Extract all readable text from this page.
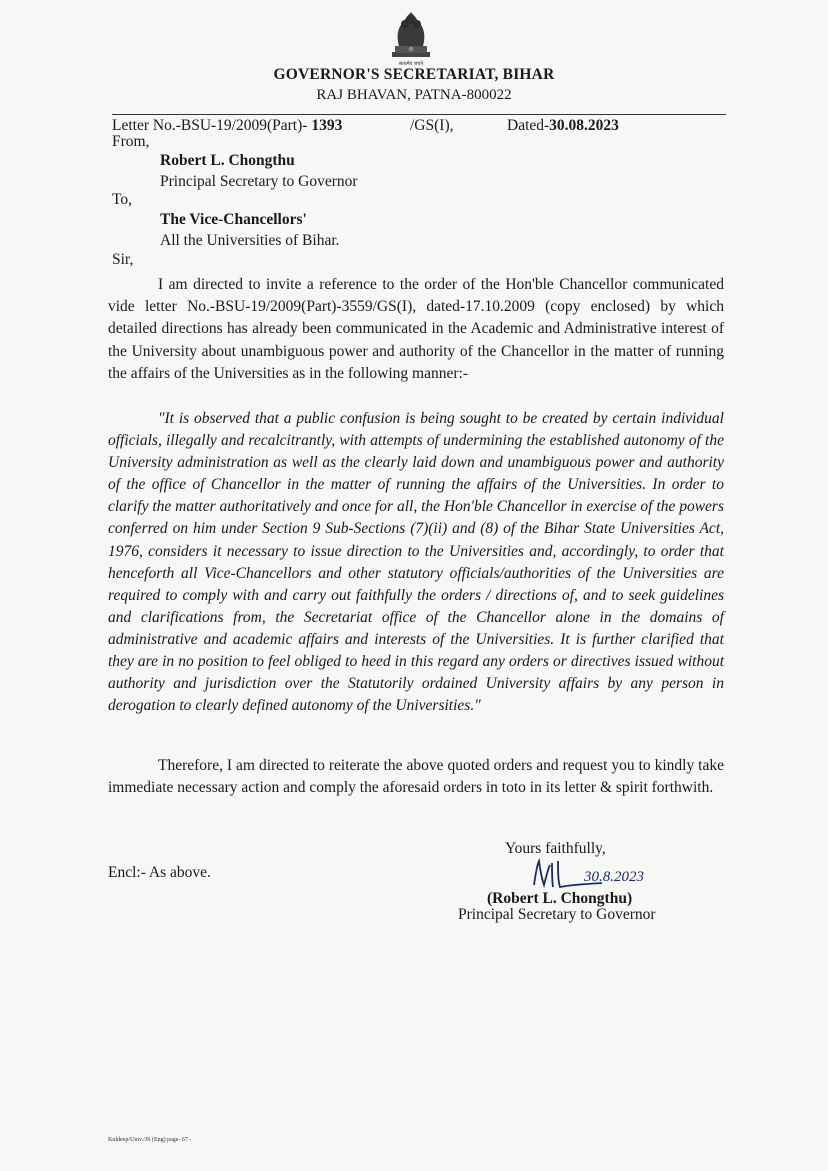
सत्यमेव जयते
GOVERNOR'S SECRETARIAT, BIHAR
RAJ BHAVAN, PATNA-800022
Letter No.-BSU-19/2009(Part)- 1393	/GS(I),	Dated-30.08.2023
From,
Robert L. Chongthu
Principal Secretary to Governor
To,
The Vice-Chancellors'
All the Universities of Bihar.
Sir,
I am directed to invite a reference to the order of the Hon'ble Chancellor communicated vide letter No.-BSU-19/2009(Part)-3559/GS(I), dated-17.10.2009 (copy enclosed) by which detailed directions has already been communicated in the Academic and Administrative interest of the University about unambiguous power and authority of the Chancellor in the matter of running the affairs of the Universities as in the following manner:-
"It is observed that a public confusion is being sought to be created by certain individual officials, illegally and recalcitrantly, with attempts of undermining the established autonomy of the University administration as well as the clearly laid down and unambiguous power and authority of the office of Chancellor in the matter of running the affairs of the Universities. In order to clarify the matter authoritatively and once for all, the Hon'ble Chancellor in exercise of the powers conferred on him under Section 9 Sub-Sections (7)(ii) and (8) of the Bihar State Universities Act, 1976, considers it necessary to issue direction to the Universities and, accordingly, to order that henceforth all Vice-Chancellors and other statutory officials/authorities of the Universities are required to comply with and carry out faithfully the orders / directions of, and to seek guidelines and clarifications from, the Secretariat office of the Chancellor alone in the domains of administrative and academic affairs and interests of the Universities. It is further clarified that they are in no position to feel obliged to heed in this regard any orders or directives issued without authority and jurisdiction over the Statutorily ordained University affairs by any person in derogation to clearly defined autonomy of the Universities."
Therefore, I am directed to reiterate the above quoted orders and request you to kindly take immediate necessary action and comply the aforesaid orders in toto in its letter & spirit forthwith.
Yours faithfully,
Encl:- As above.	30.8.2023
(Robert L. Chongthu)
Principal Secretary to Governor
Kuldeep/Univ./JS (Eng) page- 67 -
